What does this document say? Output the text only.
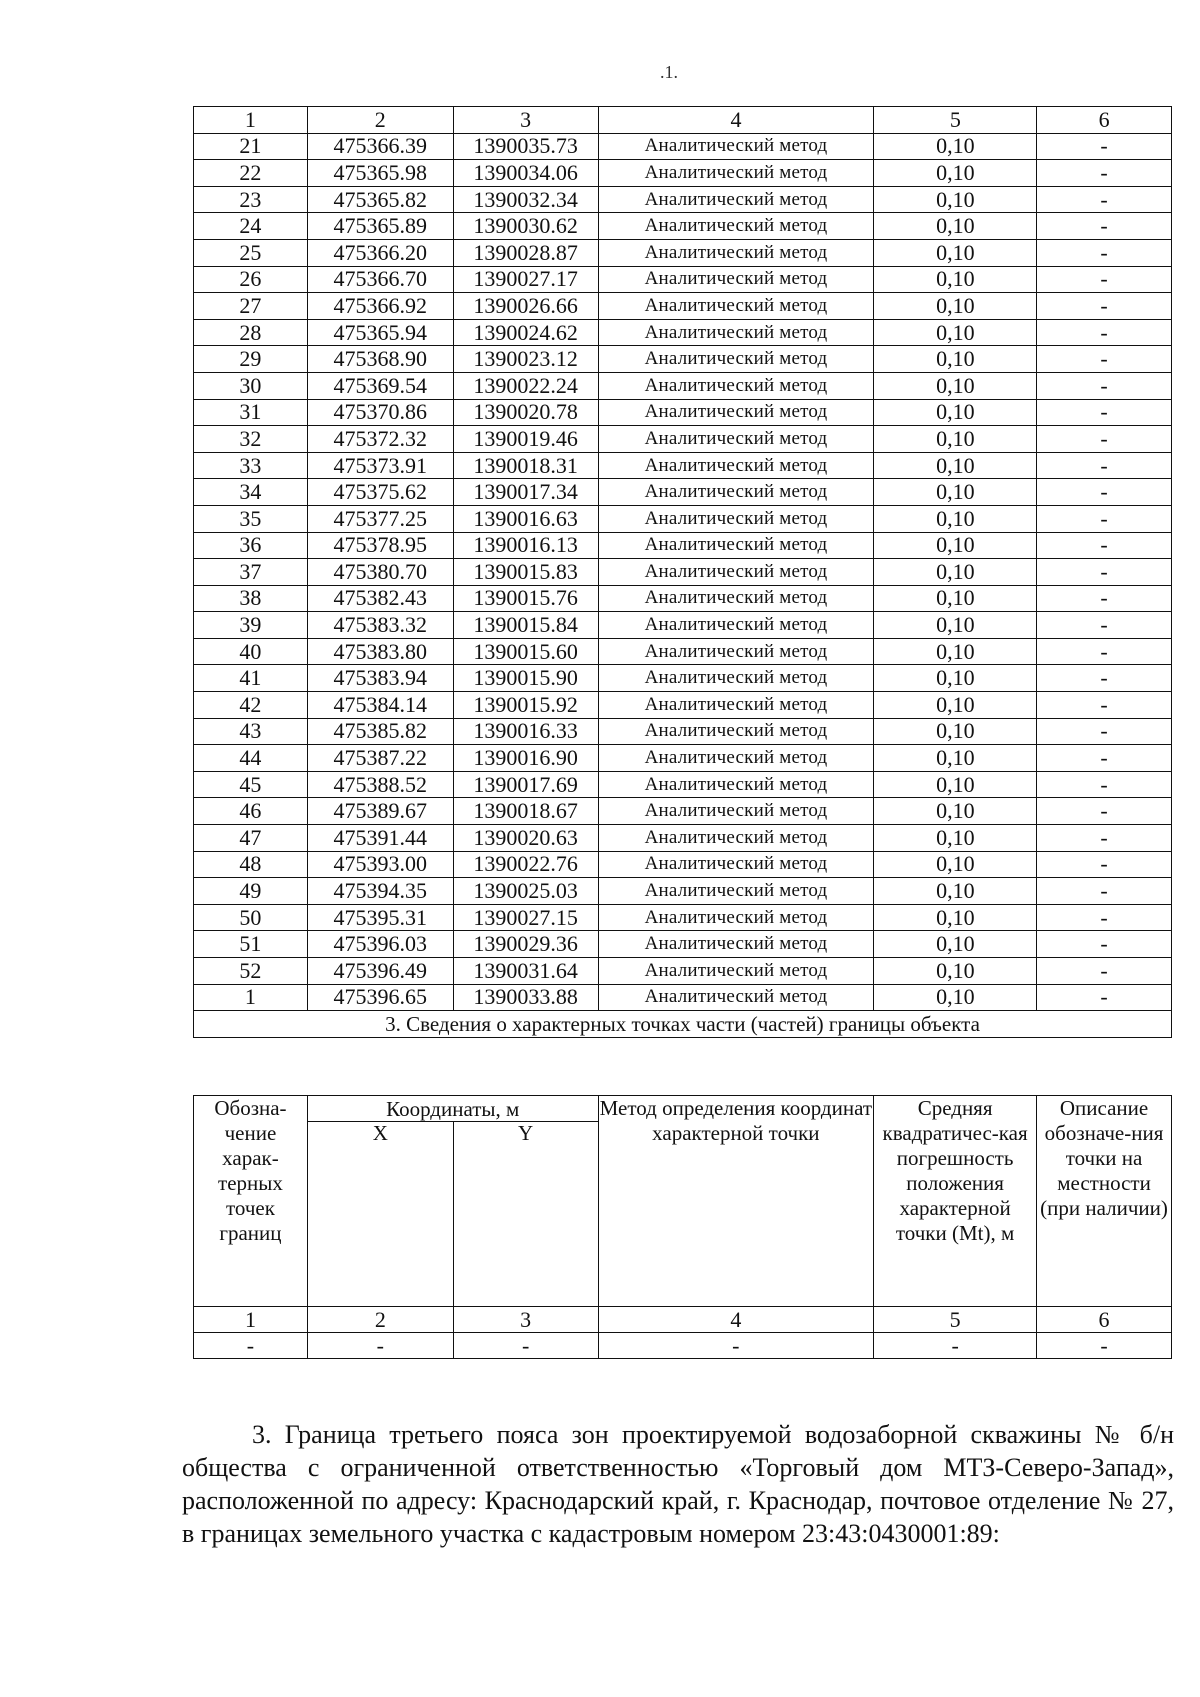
.1.
1	2	3	4	5	6
21	475366.39	1390035.73	Аналитический метод	0,10	-
22	475365.98	1390034.06	Аналитический метод	0,10	-
23	475365.82	1390032.34	Аналитический метод	0,10	-
24	475365.89	1390030.62	Аналитический метод	0,10	-
25	475366.20	1390028.87	Аналитический метод	0,10	-
26	475366.70	1390027.17	Аналитический метод	0,10	-
27	475366.92	1390026.66	Аналитический метод	0,10	-
28	475365.94	1390024.62	Аналитический метод	0,10	-
29	475368.90	1390023.12	Аналитический метод	0,10	-
30	475369.54	1390022.24	Аналитический метод	0,10	-
31	475370.86	1390020.78	Аналитический метод	0,10	-
32	475372.32	1390019.46	Аналитический метод	0,10	-
33	475373.91	1390018.31	Аналитический метод	0,10	-
34	475375.62	1390017.34	Аналитический метод	0,10	-
35	475377.25	1390016.63	Аналитический метод	0,10	-
36	475378.95	1390016.13	Аналитический метод	0,10	-
37	475380.70	1390015.83	Аналитический метод	0,10	-
38	475382.43	1390015.76	Аналитический метод	0,10	-
39	475383.32	1390015.84	Аналитический метод	0,10	-
40	475383.80	1390015.60	Аналитический метод	0,10	-
41	475383.94	1390015.90	Аналитический метод	0,10	-
42	475384.14	1390015.92	Аналитический метод	0,10	-
43	475385.82	1390016.33	Аналитический метод	0,10	-
44	475387.22	1390016.90	Аналитический метод	0,10	-
45	475388.52	1390017.69	Аналитический метод	0,10	-
46	475389.67	1390018.67	Аналитический метод	0,10	-
47	475391.44	1390020.63	Аналитический метод	0,10	-
48	475393.00	1390022.76	Аналитический метод	0,10	-
49	475394.35	1390025.03	Аналитический метод	0,10	-
50	475395.31	1390027.15	Аналитический метод	0,10	-
51	475396.03	1390029.36	Аналитический метод	0,10	-
52	475396.49	1390031.64	Аналитический метод	0,10	-
1	475396.65	1390033.88	Аналитический метод	0,10	-
3. Сведения о характерных точках части (частей) границы объекта					
Обозна-чение харак-терных точек границ	Координаты, м		Метод определения координат характерной точки	Средняя квадратичес-кая погрешность положения характерной точки (Mt), м	Описание обозначе-ния точки на местности (при наличии)
	X	Y			
1	2	3	4	5	6
-	-	-	-	-	-

3. Граница третьего пояса зон проектируемой водозаборной скважины № б/н общества с ограниченной ответственностью «Торговый дом МТЗ-Северо-Запад», расположенной по адресу: Краснодарский край, г. Краснодар, почтовое отделение № 27, в границах земельного участка с кадастровым номером 23:43:0430001:89:
